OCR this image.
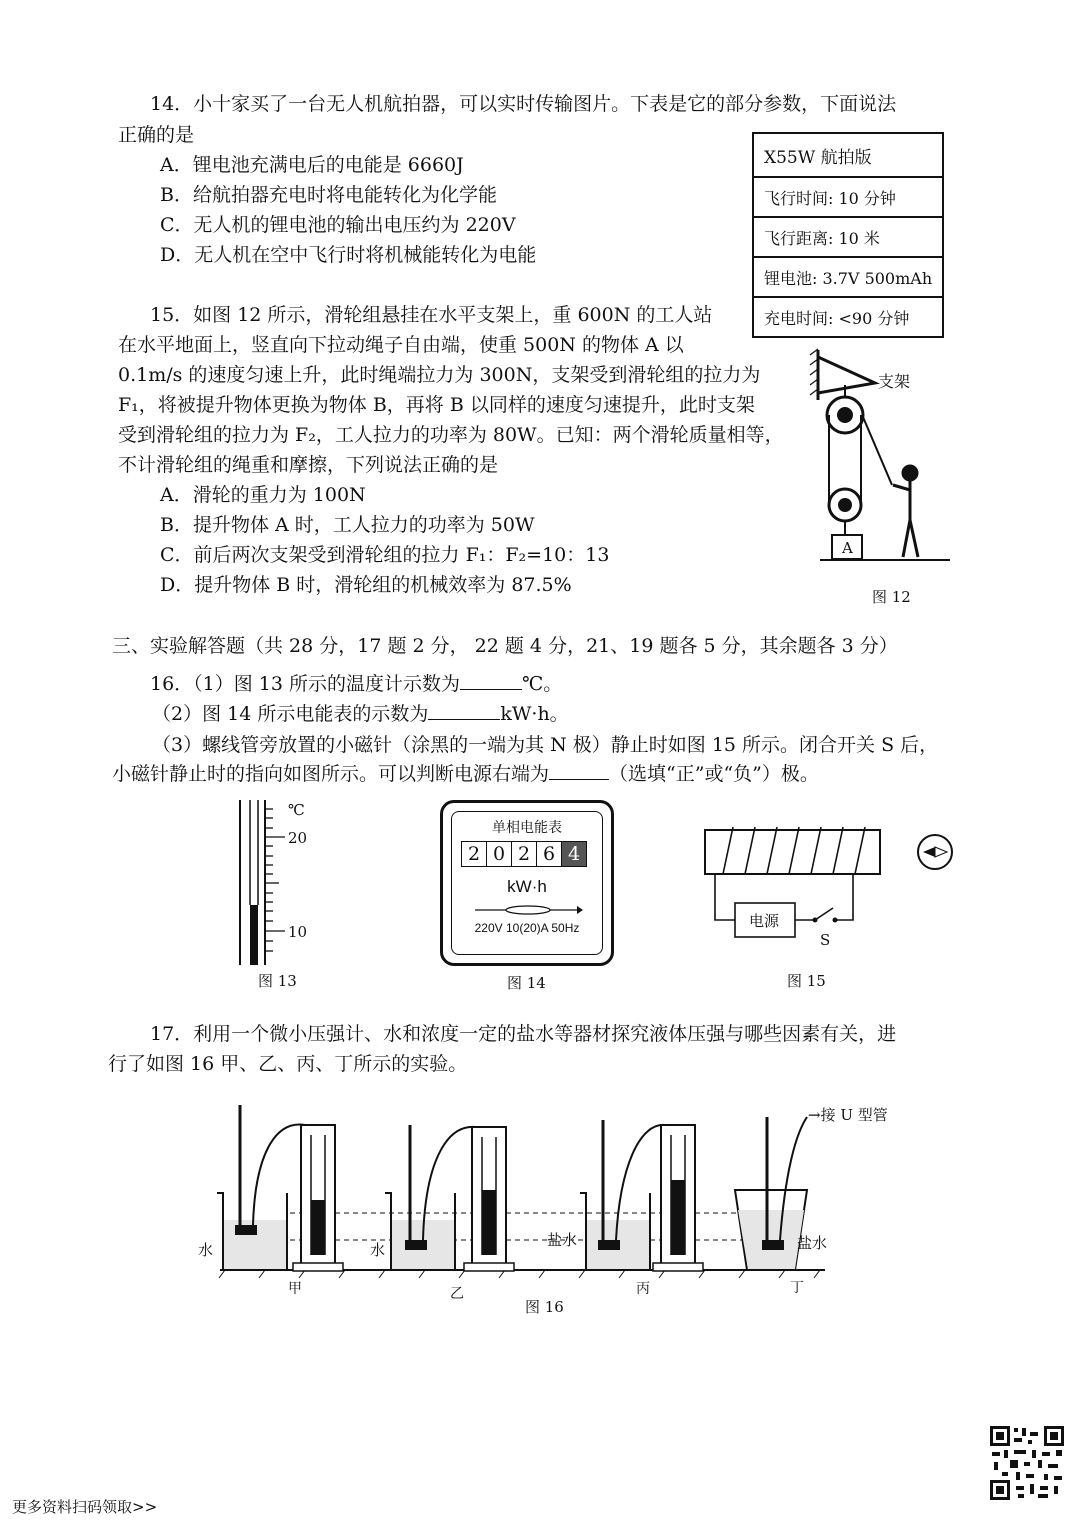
14．小十家买了一台无人机航拍器，可以实时传输图片。下表是它的部分参数，下面说法
正确的是
A．锂电池充满电后的电能是 6660J
B．给航拍器充电时将电能转化为化学能
C．无人机的锂电池的输出电压约为 220V
D．无人机在空中飞行时将机械能转化为电能
X55W 航拍版
飞行时间: 10 分钟
飞行距离: 10 米
锂电池: 3.7V 500mAh
充电时间: <90 分钟
15．如图 12 所示，滑轮组悬挂在水平支架上，重 600N 的工人站
在水平地面上，竖直向下拉动绳子自由端，使重 500N 的物体 A 以
0.1m/s 的速度匀速上升，此时绳端拉力为 300N，支架受到滑轮组的拉力为
F₁，将被提升物体更换为物体 B，再将 B 以同样的速度匀速提升，此时支架
受到滑轮组的拉力为 F₂，工人拉力的功率为 80W。已知：两个滑轮质量相等，
不计滑轮组的绳重和摩擦，下列说法正确的是
A．滑轮的重力为 100N
B．提升物体 A 时，工人拉力的功率为 50W
C．前后两次支架受到滑轮组的拉力 F₁：F₂=10：13
D．提升物体 B 时，滑轮组的机械效率为 87.5%
支架
A
图 12
三、实验解答题（共 28 分，17 题 2 分， 22 题 4 分，21、19 题各 5 分，其余题各 3 分）
16．（1）图 13 所示的温度计示数为	℃。
（2）图 14 所示电能表的示数为	kW·h。
（3）螺线管旁放置的小磁针（涂黑的一端为其 N 极）静止时如图 15 所示。闭合开关 S 后，
小磁针静止时的指向如图所示。可以判断电源右端为	（选填“正”或“负”）极。
℃
20
10
图 13
单相电能表
2 0 2 6 4
kW·h
220V 10(20)A 50Hz
图 14
电源
S
图 15
17．利用一个微小压强计、水和浓度一定的盐水等器材探究液体压强与哪些因素有关，进
行了如图 16 甲、乙、丙、丁所示的实验。
→接 U 型管
水	水
盐水	盐水
甲	乙	丙	丁
图 16
更多资料扫码领取>>
